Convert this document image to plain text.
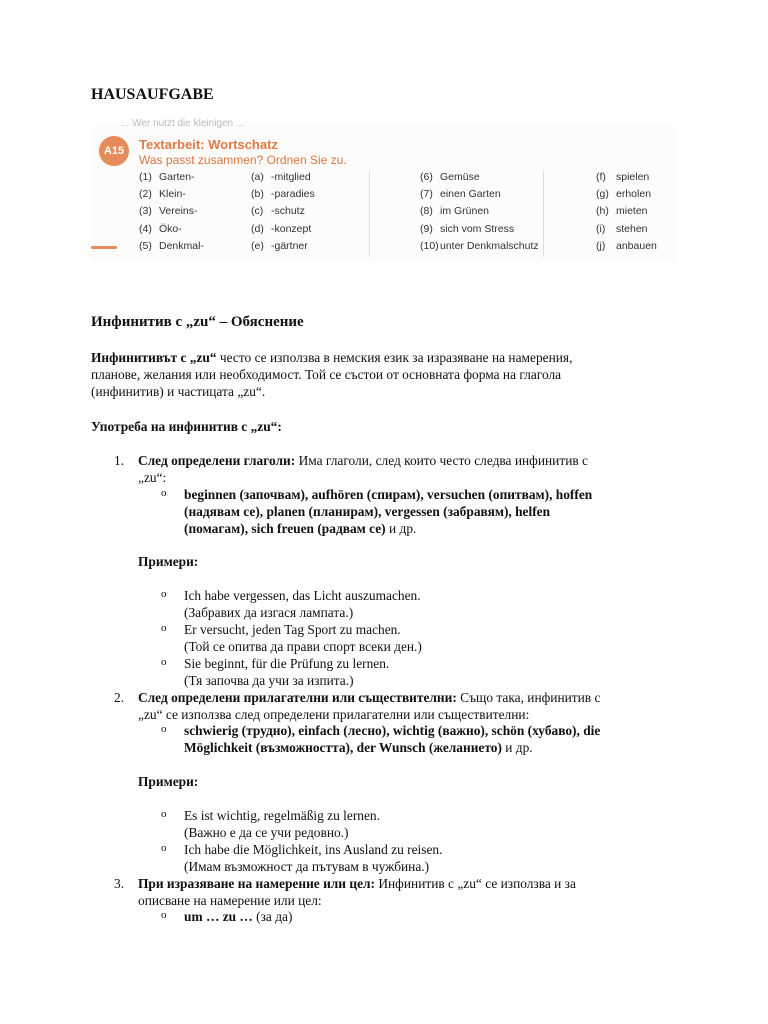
HAUSAUFGABE
... Wer nutzt die kleinigen ...
A15	Textarbeit: Wortschatz
Was passt zusammen? Ordnen Sie zu.
(1) Garten-
(2) Klein-
(3) Vereins-
(4) Öko-
(5) Denkmal-
(a) -mitglied
(b) -paradies
(c) -schutz
(d) -konzept
(e) -gärtner
(6) Gemüse
(7) einen Garten
(8) im Grünen
(9) sich vom Stress
(10)unter Denkmalschutz
(f) spielen
(g) erholen
(h) mieten
(i) stehen
(j) anbauen
Инфинитив с „zu“ – Обяснение
Инфинитивът с „zu“ често се използва в немския език за изразяване на намерения,
планове, желания или необходимост. Той се състои от основната форма на глагола
(инфинитив) и частицата „zu“.
Употреба на инфинитив с „zu“:
1. След определени глаголи: Има глаголи, след които често следва инфинитив с
„zu“:
o beginnen (започвам), aufhören (спирам), versuchen (опитвам), hoffen
(надявам се), planen (планирам), vergessen (забравям), helfen
(помагам), sich freuen (радвам се) и др.
Примери:
o Ich habe vergessen, das Licht auszumachen.
(Забравих да изгася лампата.)
o Er versucht, jeden Tag Sport zu machen.
(Той се опитва да прави спорт всеки ден.)
o Sie beginnt, für die Prüfung zu lernen.
(Тя започва да учи за изпита.)
2. След определени прилагателни или съществителни: Също така, инфинитив с
„zu“ се използва след определени прилагателни или съществителни:
o schwierig (трудно), einfach (лесно), wichtig (важно), schön (хубаво), die
Möglichkeit (възможността), der Wunsch (желанието) и др.
Примери:
o Es ist wichtig, regelmäßig zu lernen.
(Важно е да се учи редовно.)
o Ich habe die Möglichkeit, ins Ausland zu reisen.
(Имам възможност да пътувам в чужбина.)
3. При изразяване на намерение или цел: Инфинитив с „zu“ се използва и за
описване на намерение или цел:
o um … zu … (за да)
